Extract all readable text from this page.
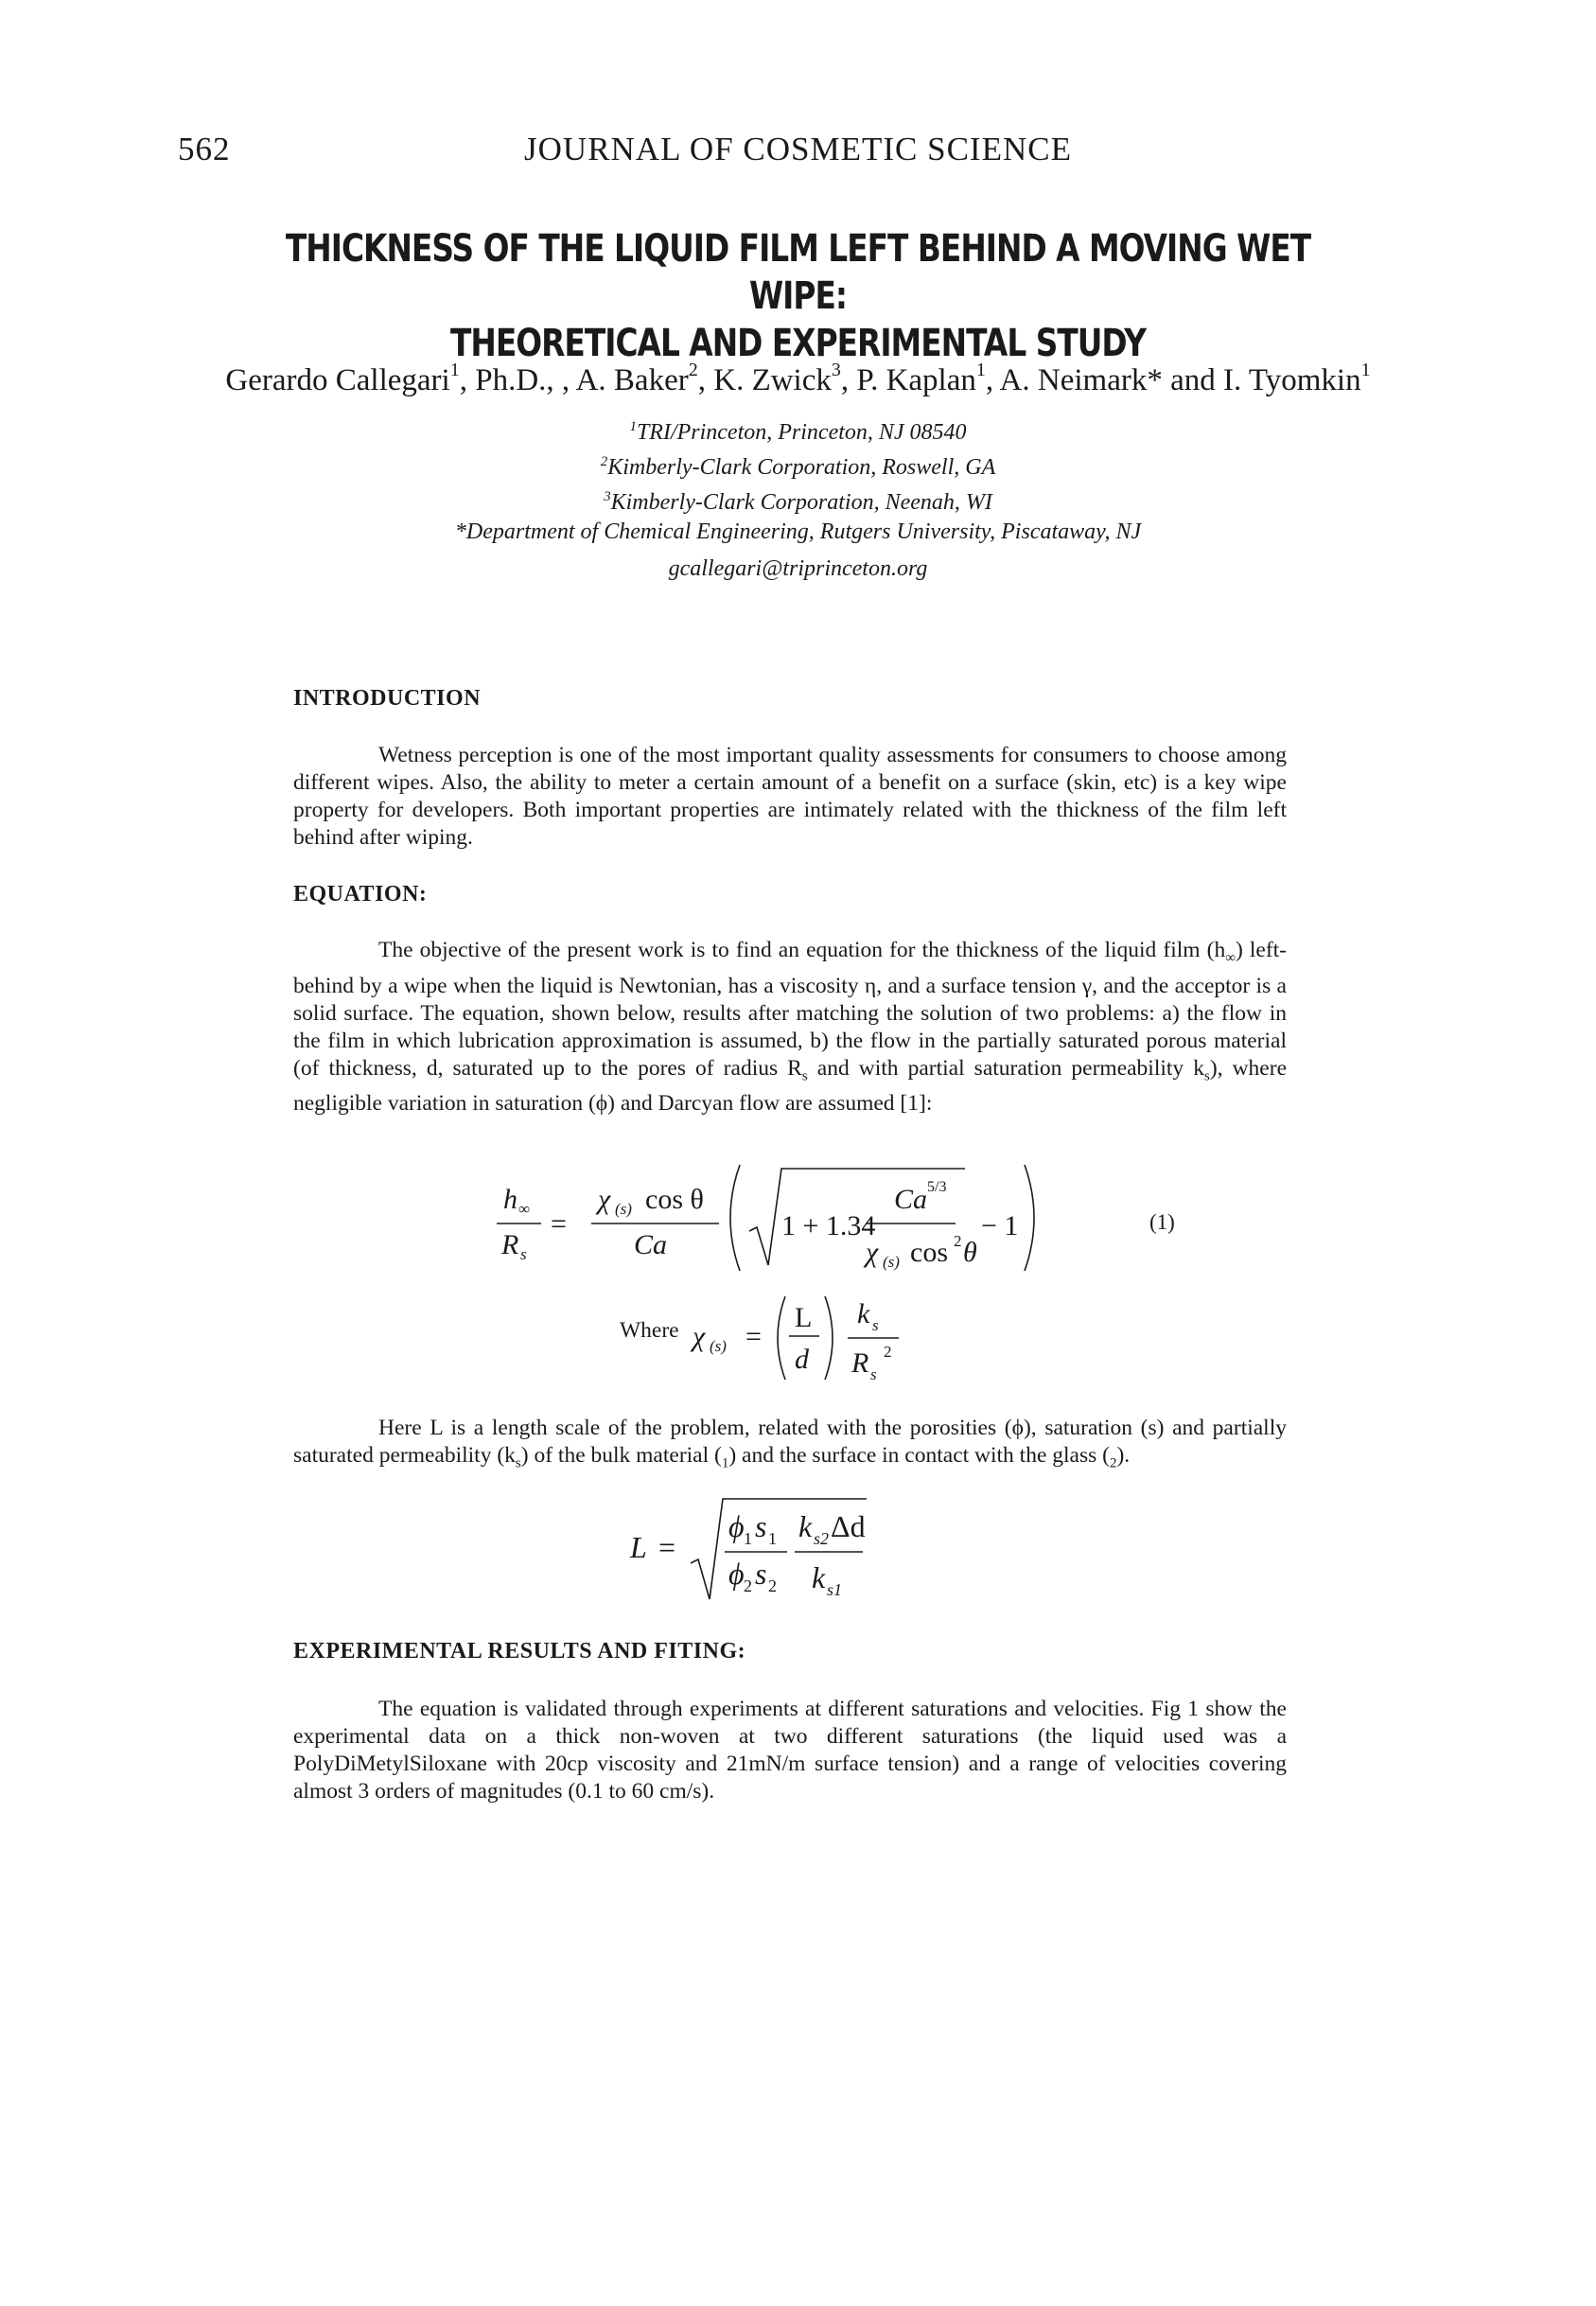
562	JOURNAL OF COSMETIC SCIENCE
THICKNESS OF THE LIQUID FILM LEFT BEHIND A MOVING WET WIPE:
THEORETICAL AND EXPERIMENTAL STUDY
Gerardo Callegari$^1$, Ph.D., , A. Baker$^2$, K. Zwick$^3$, P. Kaplan$^1$, A. Neimark* and I. Tyomkin$^1$
$^1$TRI/Princeton, Princeton, NJ 08540
$^2$Kimberly-Clark Corporation, Roswell, GA
$^3$Kimberly-Clark Corporation, Neenah, WI
*Department of Chemical Engineering, Rutgers University, Piscataway, NJ
gcallegari@triprinceton.org
INTRODUCTION
Wetness perception is one of the most important quality assessments for consumers to choose among different wipes. Also, the ability to meter a certain amount of a benefit on a surface (skin, etc) is a key wipe property for developers. Both important properties are intimately related with the thickness of the film left behind after wiping.
EQUATION:
The objective of the present work is to find an equation for the thickness of the liquid film $(h_\infty)$ left-behind by a wipe when the liquid is Newtonian, has a viscosity η, and a surface tension γ, and the acceptor is a solid surface. The equation, shown below, results after matching the solution of two problems: a) the flow in the film in which lubrication approximation is assumed, b) the flow in the partially saturated porous material (of thickness, d, saturated up to the pores of radius $R_s$ and with partial saturation permeability $k_s$), where negligible variation in saturation (ϕ) and Darcyan flow are assumed [1]:
h ∞
R s
=
χ (s) cos θ
Ca
1 + 1.34
Ca 5/3
χ (s) cos 2 θ
− 1	(1)
Where χ (s) =
L
d
k s
R s
2
Here L is a length scale of the problem, related with the porosities (ϕ), saturation (s) and partially saturated permeability $(k_s)$ of the bulk material $(_1)$ and the surface in contact with the glass $(_2)$.
L =
ϕ 1 s 1
ϕ 2 s 2
k s2 Δd
k s1
EXPERIMENTAL RESULTS AND FITING:
The equation is validated through experiments at different saturations and velocities. Fig 1 show the experimental data on a thick non-woven at two different saturations (the liquid used was a PolyDiMetylSiloxane with 20cp viscosity and 21mN/m surface tension) and a range of velocities covering almost 3 orders of magnitudes (0.1 to 60 cm/s).
